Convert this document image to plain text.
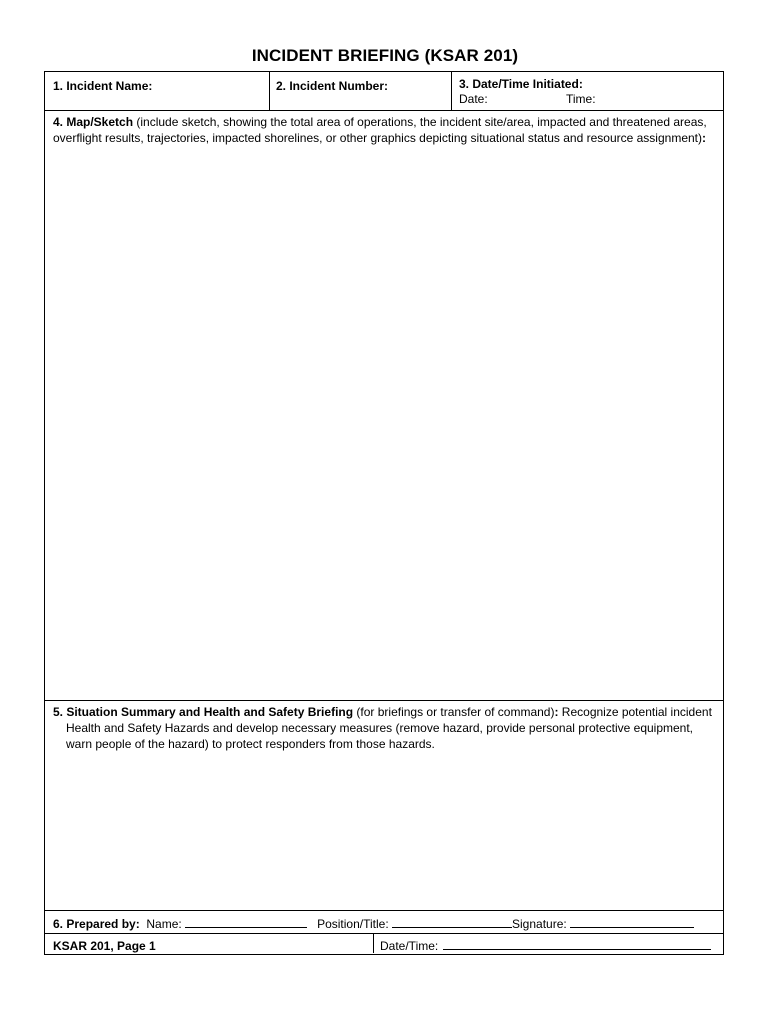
INCIDENT BRIEFING (KSAR 201)
1. Incident Name:	2. Incident Number:	3. Date/Time Initiated:
Date:	Time:
4. Map/Sketch (include sketch, showing the total area of operations, the incident site/area, impacted and threatened areas, overflight results, trajectories, impacted shorelines, or other graphics depicting situational status and resource assignment):
5. Situation Summary and Health and Safety Briefing (for briefings or transfer of command): Recognize potential incident Health and Safety Hazards and develop necessary measures (remove hazard, provide personal protective equipment, warn people of the hazard) to protect responders from those hazards.
6. Prepared by: Name:	Position/Title:	Signature:
KSAR 201, Page 1	Date/Time:
